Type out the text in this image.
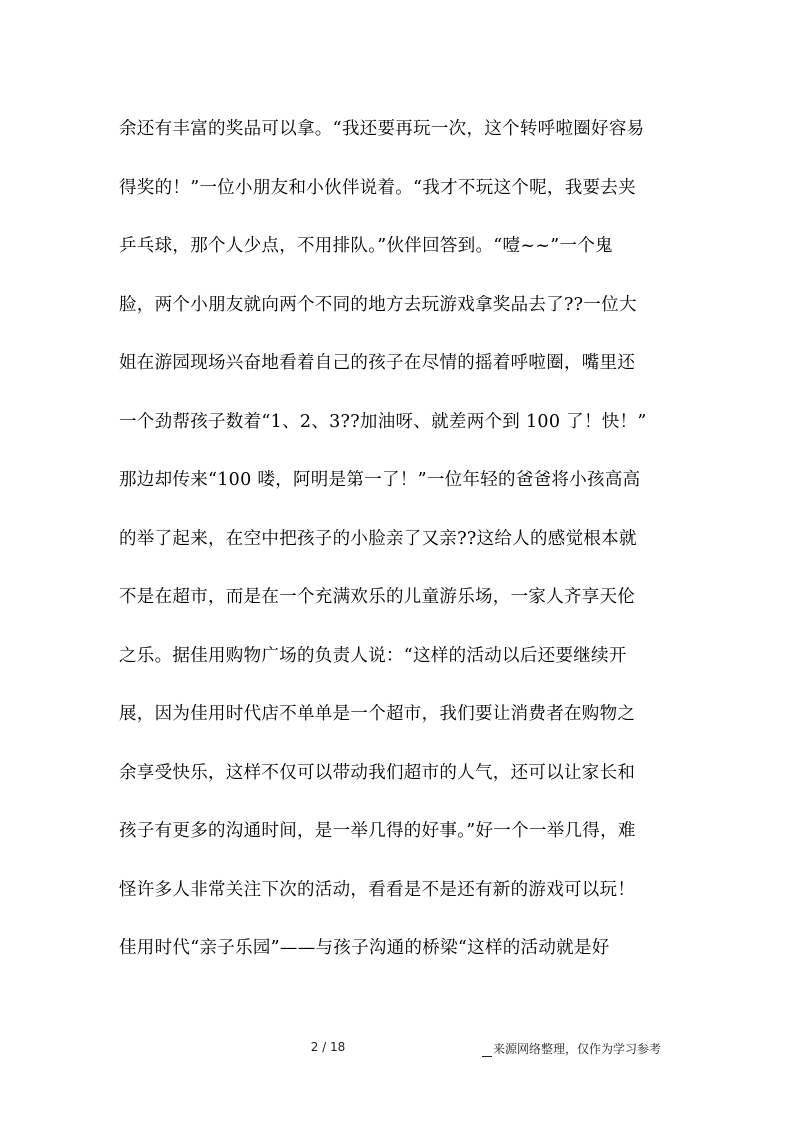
余还有丰富的奖品可以拿。“我还要再玩一次，这个转呼啦圈好容易
得奖的！”一位小朋友和小伙伴说着。“我才不玩这个呢，我要去夹
乒乓球，那个人少点，不用排队。”伙伴回答到。“噎~~”一个鬼
脸，两个小朋友就向两个不同的地方去玩游戏拿奖品去了??一位大
姐在游园现场兴奋地看着自己的孩子在尽情的摇着呼啦圈，嘴里还
一个劲帮孩子数着“1、2、3??加油呀、就差两个到 100 了！快！”
那边却传来“100 喽，阿明是第一了！”一位年轻的爸爸将小孩高高
的举了起来，在空中把孩子的小脸亲了又亲??这给人的感觉根本就
不是在超市，而是在一个充满欢乐的儿童游乐场，一家人齐享天伦
之乐。据佳用购物广场的负责人说：“这样的活动以后还要继续开
展，因为佳用时代店不单单是一个超市，我们要让消费者在购物之
余享受快乐，这样不仅可以带动我们超市的人气，还可以让家长和
孩子有更多的沟通时间，是一举几得的好事。”好一个一举几得，难
怪许多人非常关注下次的活动，看看是不是还有新的游戏可以玩！
佳用时代“亲子乐园”——与孩子沟通的桥梁“这样的活动就是好
2 / 18	来源网络整理，仅作为学习参考
